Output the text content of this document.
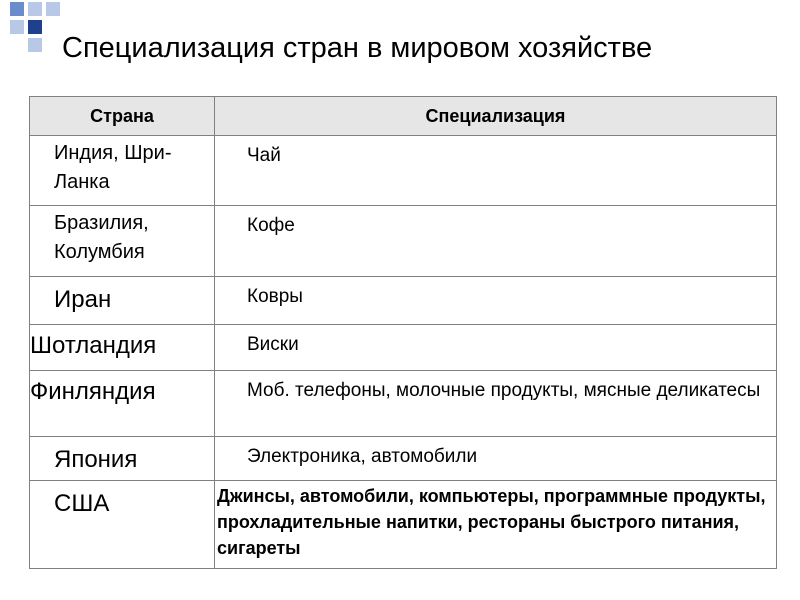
Специализация стран в мировом хозяйстве
Страна	Специализация
Индия, Шри-Ланка	Чай
Бразилия, Колумбия	Кофе
Иран	Ковры
Шотландия	Виски
Финляндия	Моб. телефоны, молочные продукты, мясные деликатесы
Япония	Электроника, автомобили
США	Джинсы, автомобили, компьютеры, программные продукты, прохладительные напитки, рестораны быстрого питания, сигареты
